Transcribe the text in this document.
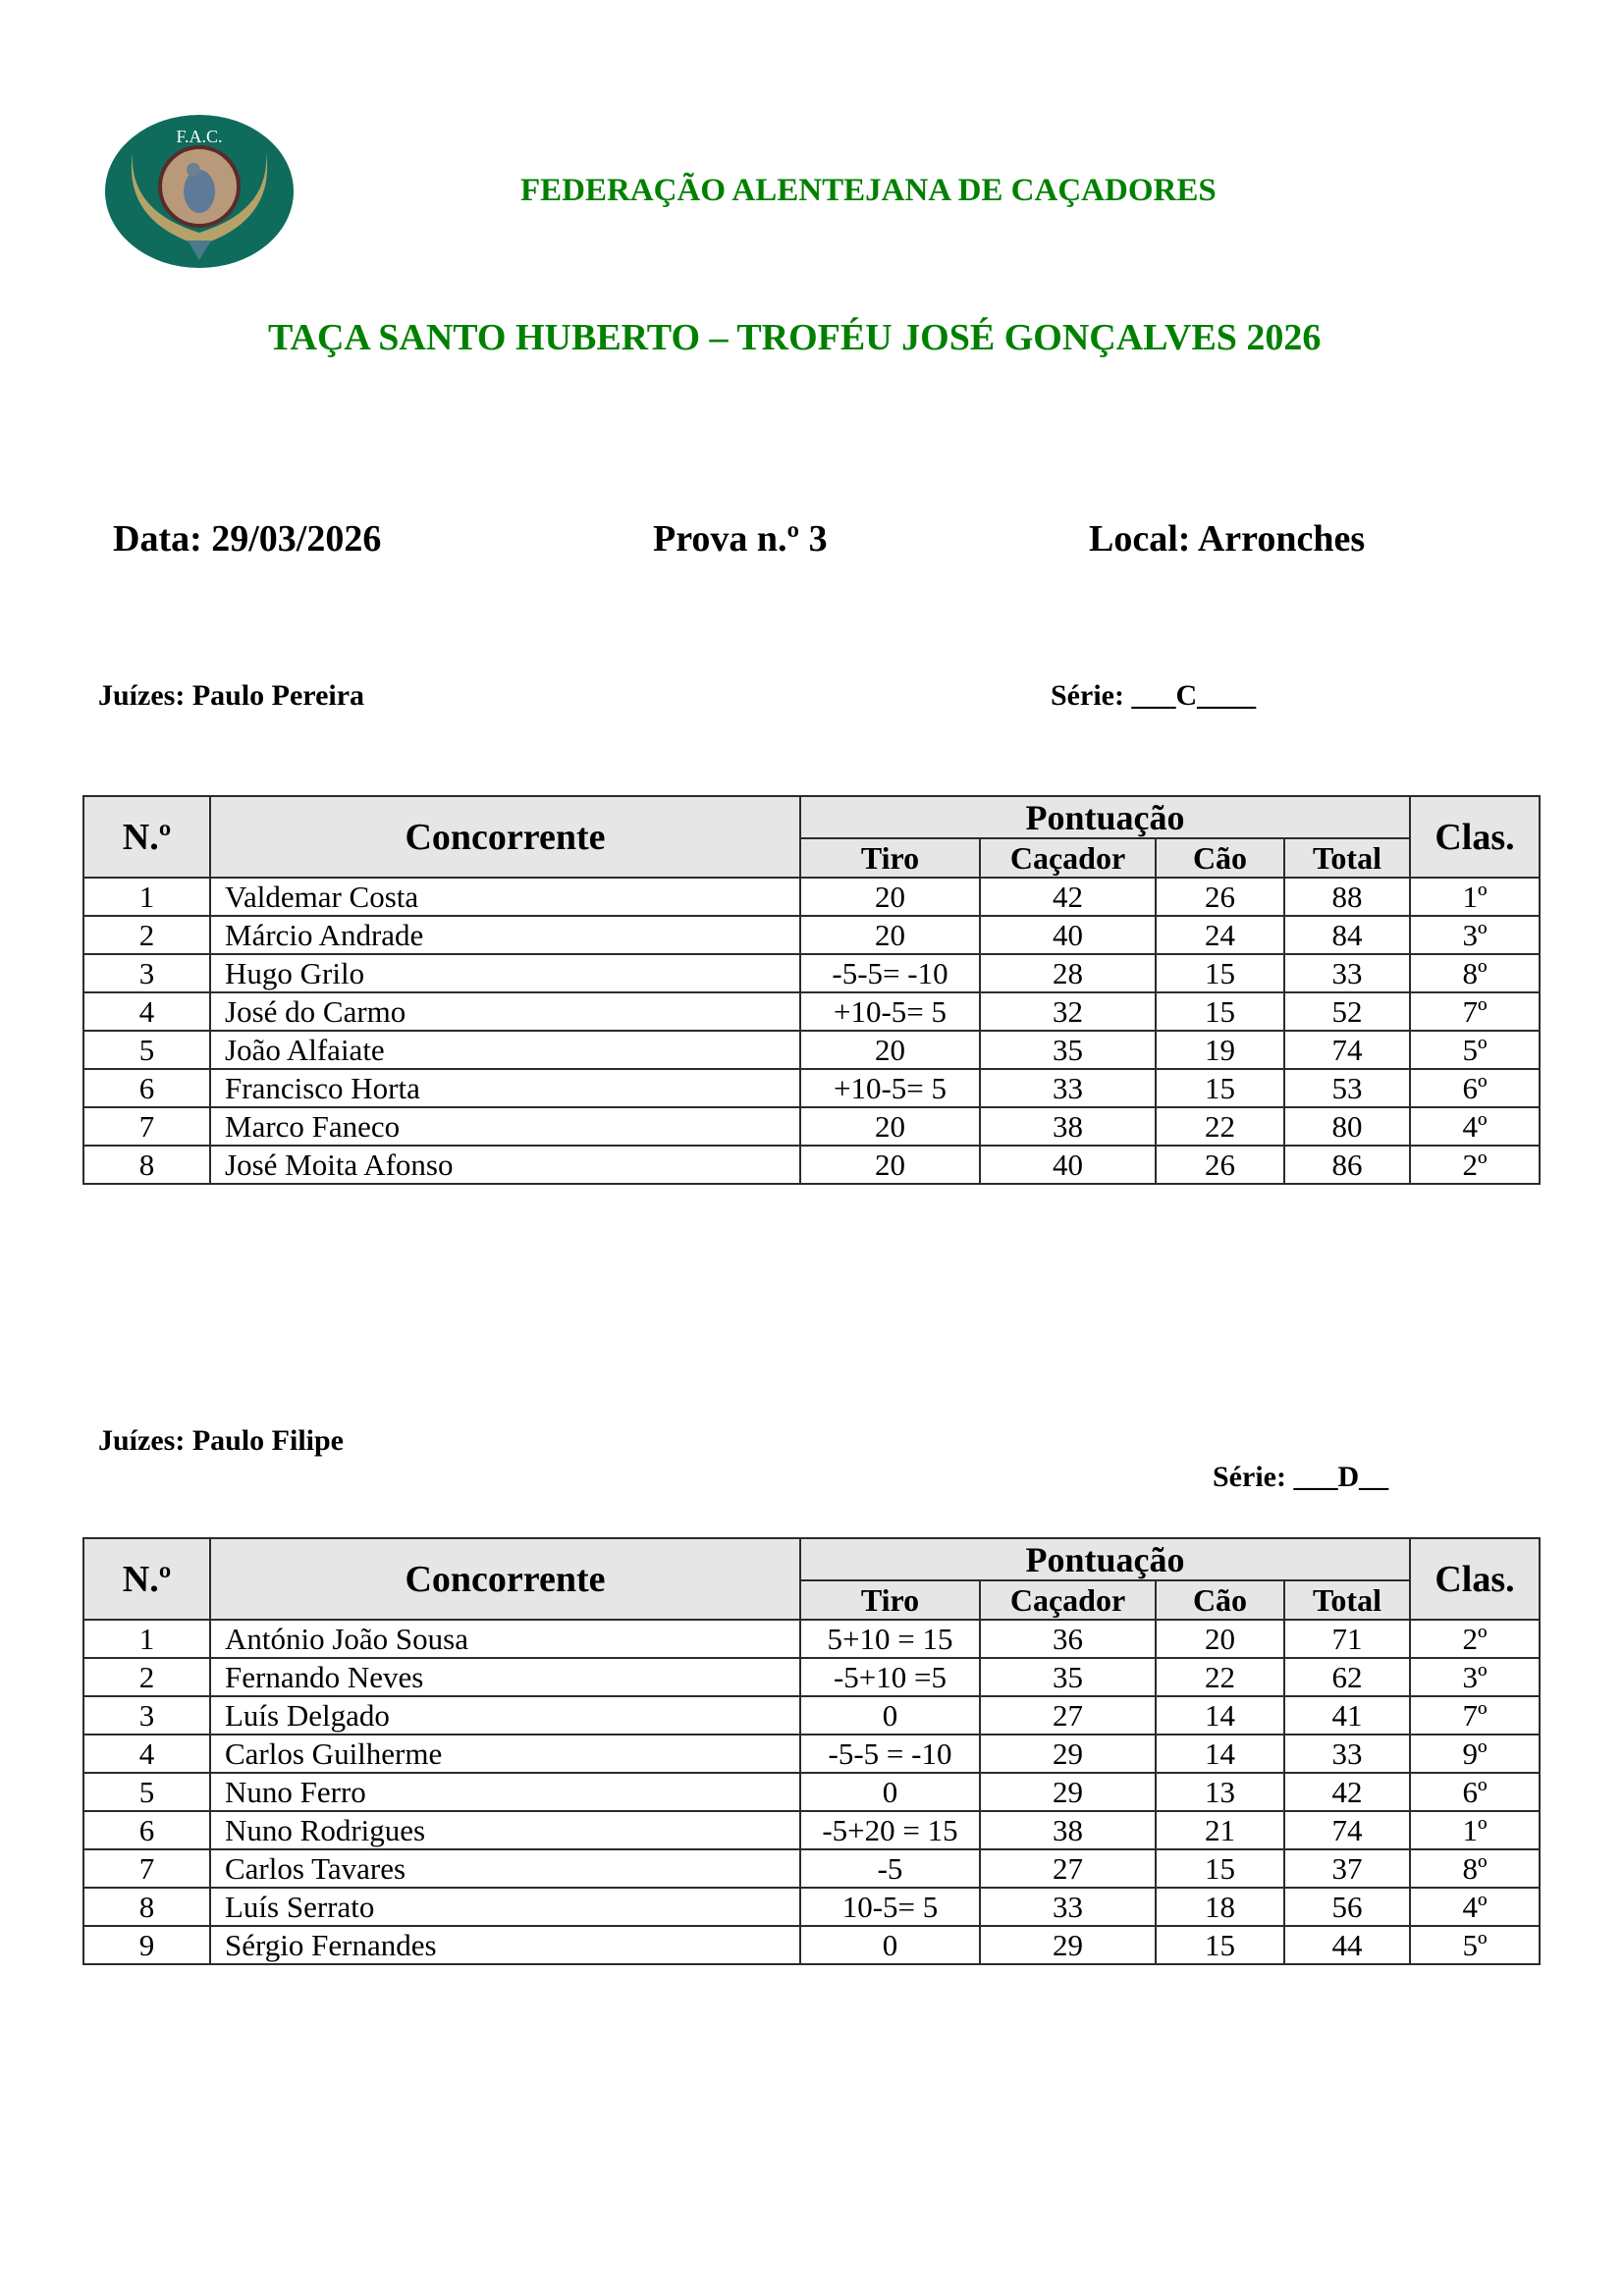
F.A.C.
FEDERAÇÃO ALENTEJANA DE CAÇADORES
TAÇA SANTO HUBERTO – TROFÉU JOSÉ GONÇALVES 2026
Data: 29/03/2026	Prova n.º 3	Local: Arronches
Juízes: Paulo Pereira	Série: ___C____
N.º	Concorrente	Pontuação				Clas.
		Tiro	Caçador	Cão	Total	
1	Valdemar Costa	20	42	26	88	1º
2	Márcio Andrade	20	40	24	84	3º
3	Hugo Grilo	-5-5= -10	28	15	33	8º
4	José do Carmo	+10-5= 5	32	15	52	7º
5	João Alfaiate	20	35	19	74	5º
6	Francisco Horta	+10-5= 5	33	15	53	6º
7	Marco Faneco	20	38	22	80	4º
8	José Moita Afonso	20	40	26	86	2º
Juízes: Paulo Filipe
Série: ___D__
N.º	Concorrente	Pontuação				Clas.
		Tiro	Caçador	Cão	Total	
1	António João Sousa	5+10 = 15	36	20	71	2º
2	Fernando Neves	-5+10 =5	35	22	62	3º
3	Luís Delgado	0	27	14	41	7º
4	Carlos Guilherme	-5-5 = -10	29	14	33	9º
5	Nuno Ferro	0	29	13	42	6º
6	Nuno Rodrigues	-5+20 = 15	38	21	74	1º
7	Carlos Tavares	-5	27	15	37	8º
8	Luís Serrato	10-5= 5	33	18	56	4º
9	Sérgio Fernandes	0	29	15	44	5º
